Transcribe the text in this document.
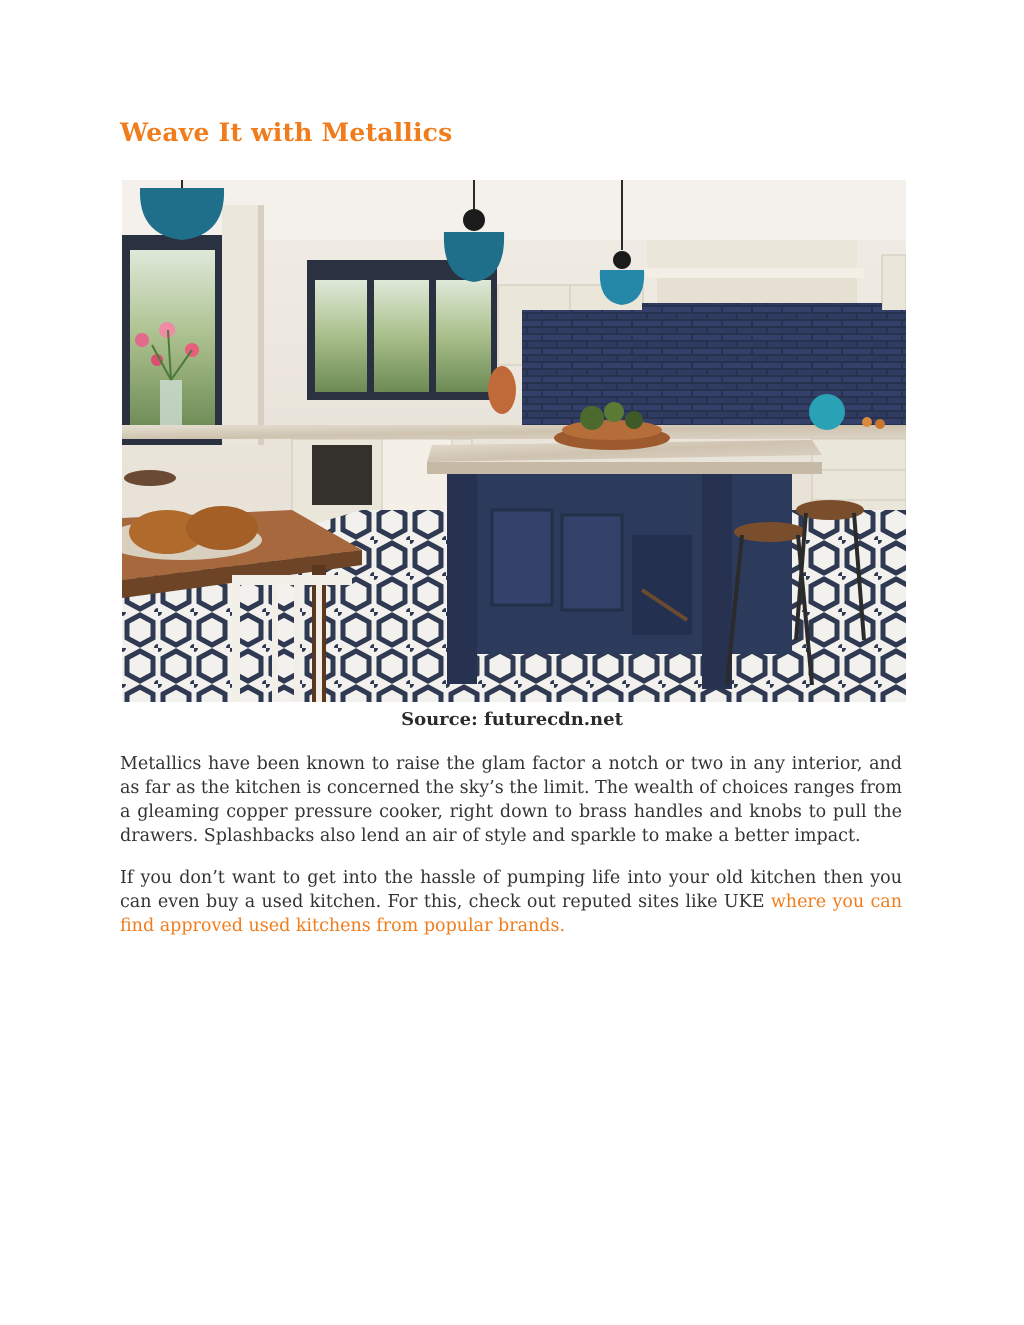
Weave It with Metallics
Source: futurecdn.net

Metallics have been known to raise the glam factor a notch or two in any interior, and as far as the kitchen is concerned the sky’s the limit. The wealth of choices ranges from a gleaming copper pressure cooker, right down to brass handles and knobs to pull the drawers. Splashbacks also lend an air of style and sparkle to make a better impact.

If you don’t want to get into the hassle of pumping life into your old kitchen then you can even buy a used kitchen. For this, check out reputed sites like UKE where you can find approved used kitchens from popular brands.
